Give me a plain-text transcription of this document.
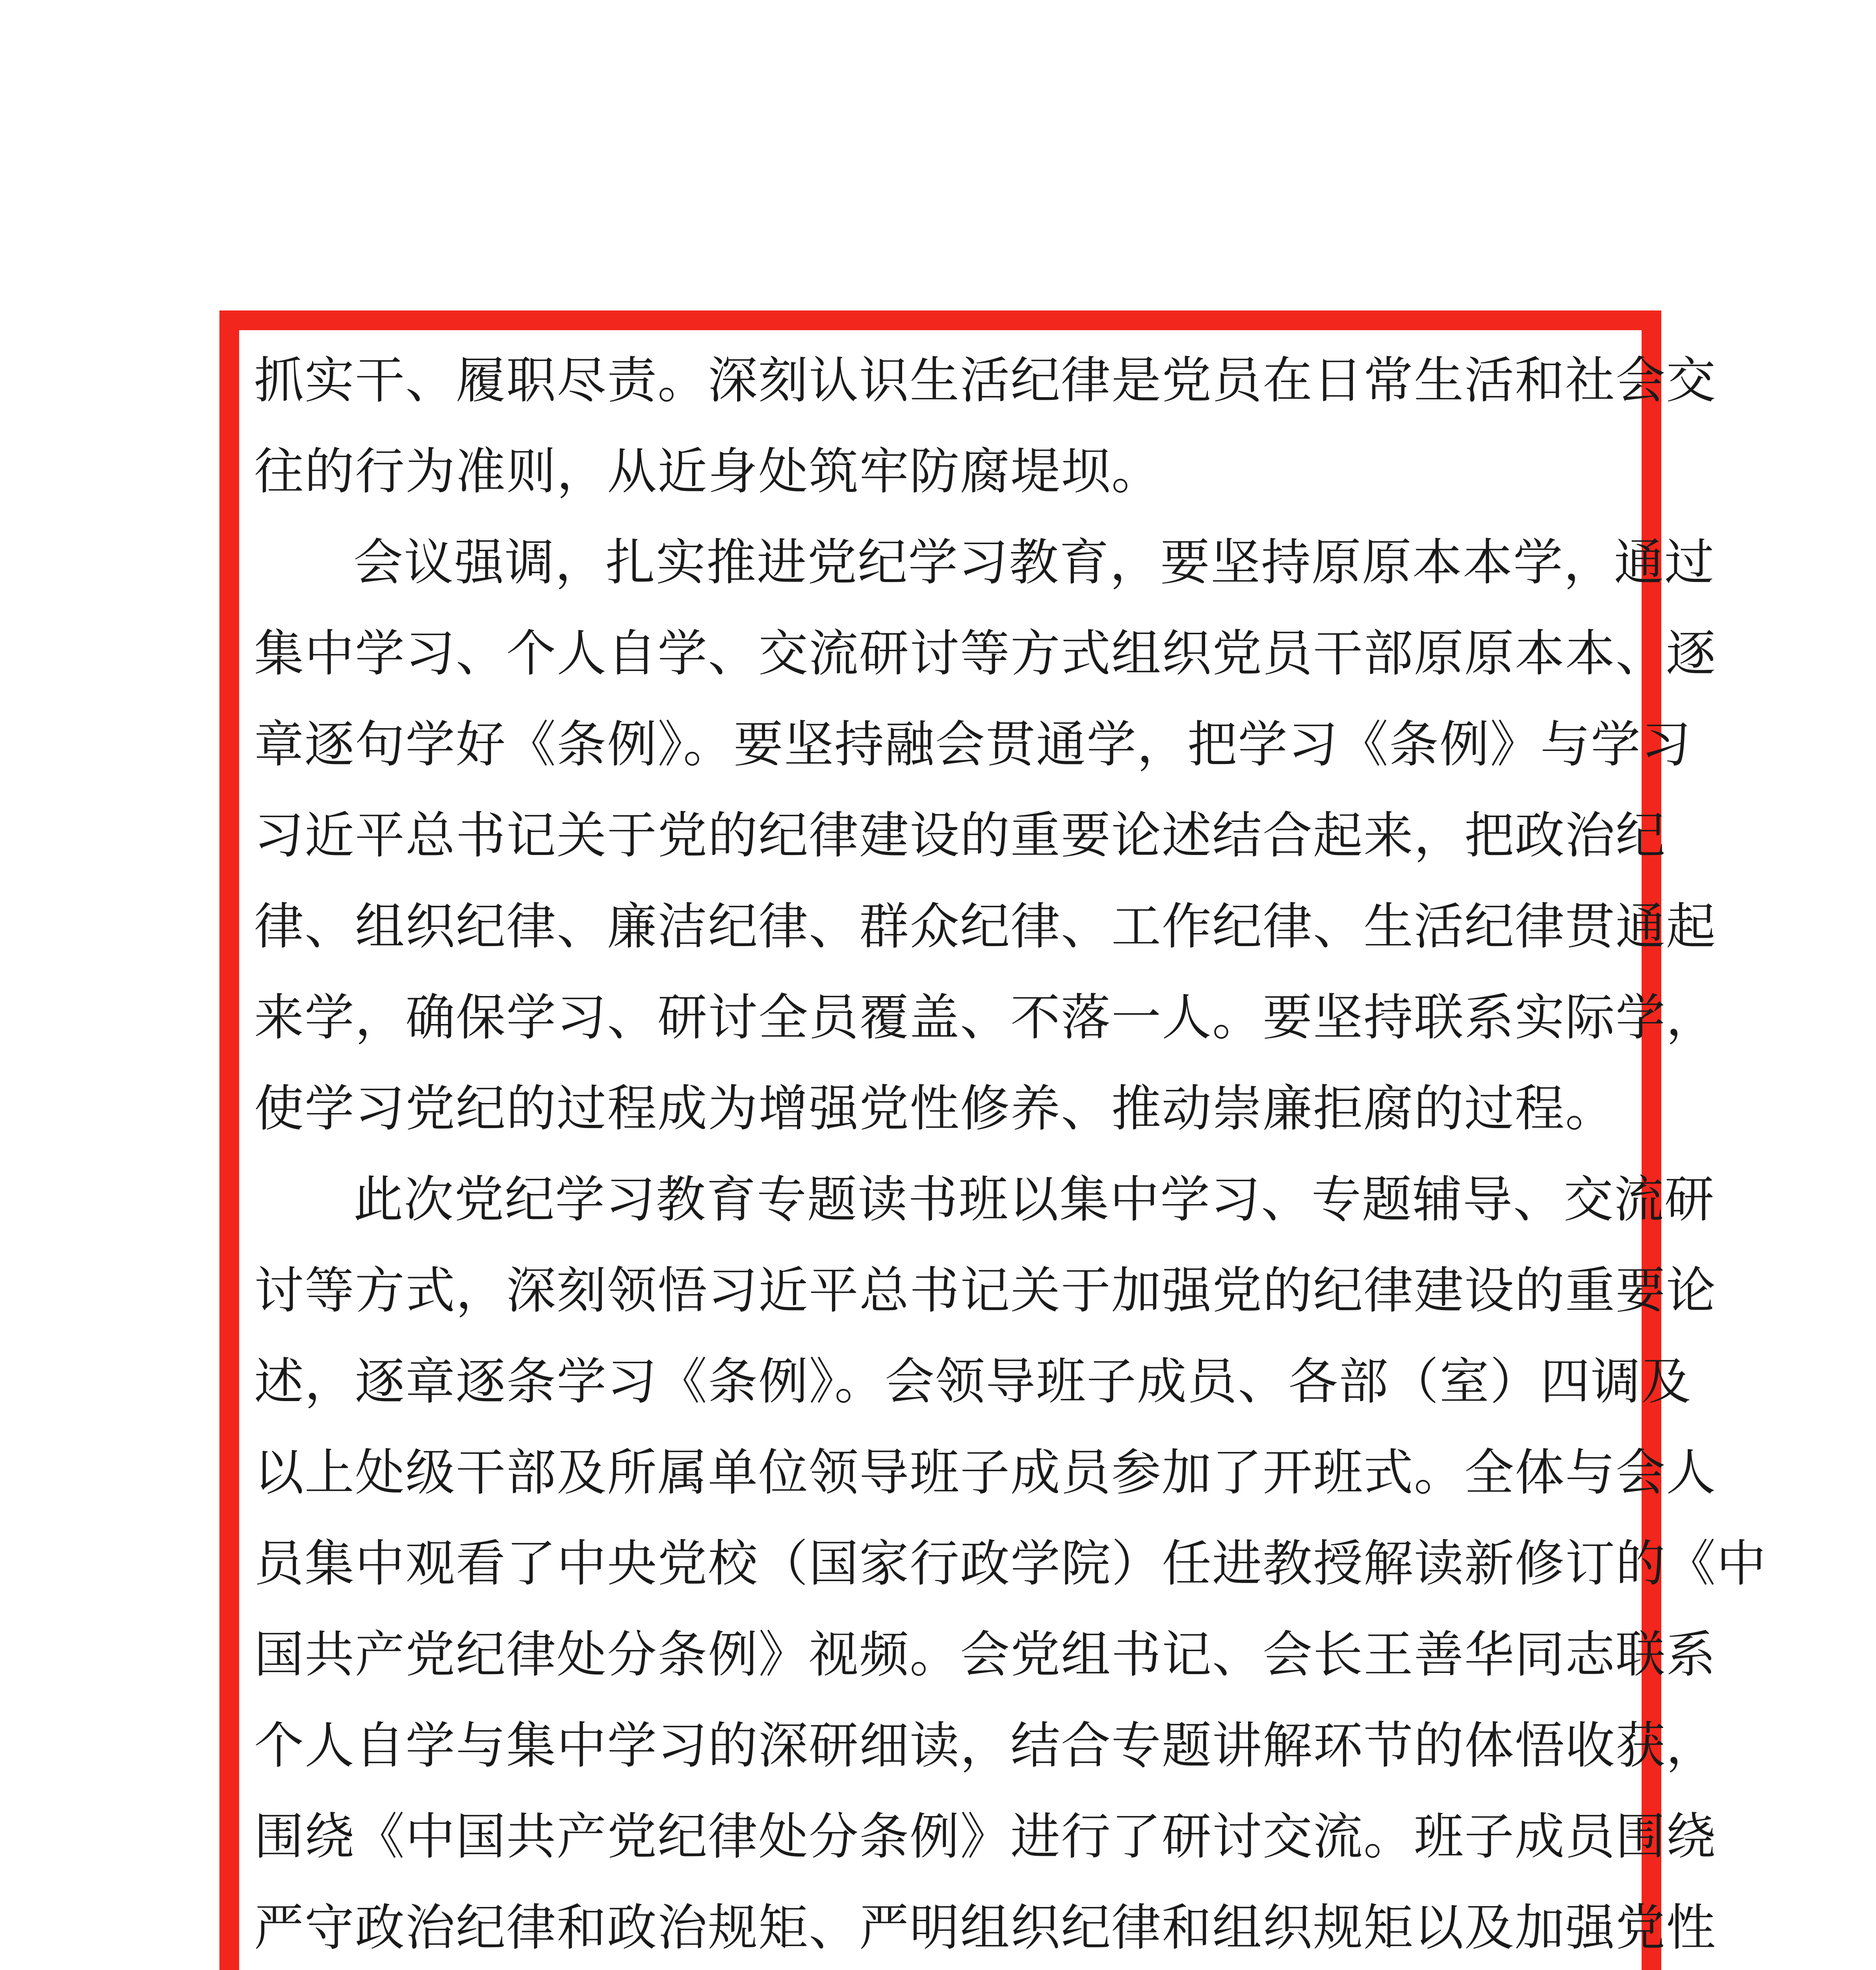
抓实干、履职尽责。深刻认识生活纪律是党员在日常生活和社会交
往的行为准则，从近身处筑牢防腐堤坝。
会议强调，扎实推进党纪学习教育，要坚持原原本本学，通过
集中学习、个人自学、交流研讨等方式组织党员干部原原本本、逐
章逐句学好《条例》。要坚持融会贯通学，把学习《条例》与学习
习近平总书记关于党的纪律建设的重要论述结合起来，把政治纪
律、组织纪律、廉洁纪律、群众纪律、工作纪律、生活纪律贯通起
来学，确保学习、研讨全员覆盖、不落一人。要坚持联系实际学，
使学习党纪的过程成为增强党性修养、推动崇廉拒腐的过程。
此次党纪学习教育专题读书班以集中学习、专题辅导、交流研
讨等方式，深刻领悟习近平总书记关于加强党的纪律建设的重要论
述，逐章逐条学习《条例》。会领导班子成员、各部（室）四调及
以上处级干部及所属单位领导班子成员参加了开班式。全体与会人
员集中观看了中央党校（国家行政学院）任进教授解读新修订的《中
国共产党纪律处分条例》视频。会党组书记、会长王善华同志联系
个人自学与集中学习的深研细读，结合专题讲解环节的体悟收获，
围绕《中国共产党纪律处分条例》进行了研讨交流。班子成员围绕
严守政治纪律和政治规矩、严明组织纪律和组织规矩以及加强党性
